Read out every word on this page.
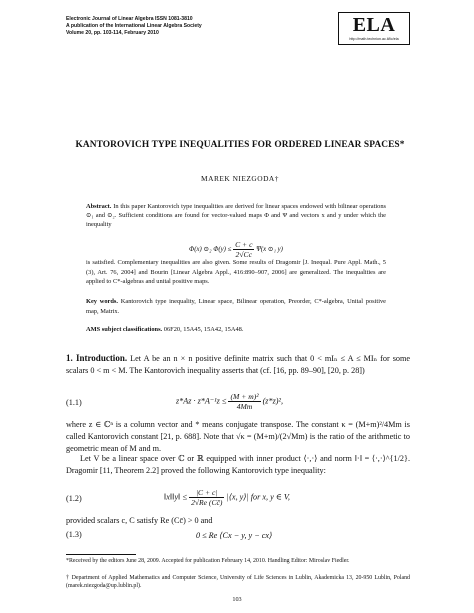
Electronic Journal of Linear Algebra ISSN 1081-3810
A publication of the International Linear Algebra Society
Volume 20, pp. 103-114, February 2010	ELA
http://math.technion.ac.il/iic/ela
KANTOROVICH TYPE INEQUALITIES FOR ORDERED LINEAR SPACES*
MAREK NIEZGODA†
Abstract. In this paper Kantorovich type inequalities are derived for linear spaces endowed with bilinear operations ⊙₁ and ⊙₂. Sufficient conditions are found for vector-valued maps Φ and Ψ and vectors x and y under which the inequality
Φ(x) ⊙₂ $\Phi(y) \le \frac{C + c}{2√Cc} \Psi(x$ ⊙₁ y)
is satisfied. Complementary inequalities are also given. Some results of Dragomir [J. Inequal. Pure Appl. Math., 5 (3), Art. 76, 2004] and Bourin [Linear Algebra Appl., 416:890–907, 2006] are generalized. The inequalities are applied to C*-algebras and unital positive maps.
Key words. Kantorovich type inequality, Linear space, Bilinear operation, Preorder, C*-algebra, Unital positive map, Matrix.
AMS subject classifications. 06F20, 15A45, 15A42, 15A48.
1. Introduction. Let A be an n × n positive definite matrix such that 0 < mIₙ ≤ A ≤ MIₙ for some scalars 0 < m < M. The Kantorovich inequality asserts that (cf. [16, pp. 89–90], [20, p. 28])
(1.1)	$z*Az \cdot z*A^{-1}z \le \frac{\text{(M + m)²}}{4Mm} (z*z)^2$,
where z ∈ ℂⁿ is a column vector and * means conjugate transpose. The constant κ = (M+m)²/4Mm is called Kantorovich constant [21, p. 688]. Note that √κ = (M+m)/(2√Mm) is the ratio of the arithmetic to geometric mean of M and m.
Let V be a linear space over ℂ or ℝ equipped with inner product ⟨·,·⟩ and norm ‖·‖ = ⟨·,·⟩^{1/2}. Dragomir [11, Theorem 2.2] proved the following Kantorovich type inequality:
(1.2)	‖x‖‖y‖ ≤ $\frac{|C + c|}{2√Re (Cc̄)}$ |⟨x, y⟩| for x, y ∈ V,
provided scalars c, C satisfy Re (Cc̄) > 0 and
(1.3)	0 ≤ Re ⟨Cx − y, y − cx⟩
*Received by the editors June 28, 2009. Accepted for publication February 14, 2010. Handling Editor: Miroslav Fiedler.
† Department of Applied Mathematics and Computer Science, University of Life Sciences in Lublin, Akademicka 13, 20-950 Lublin, Poland (marek.niezgoda@up.lublin.pl).
103
